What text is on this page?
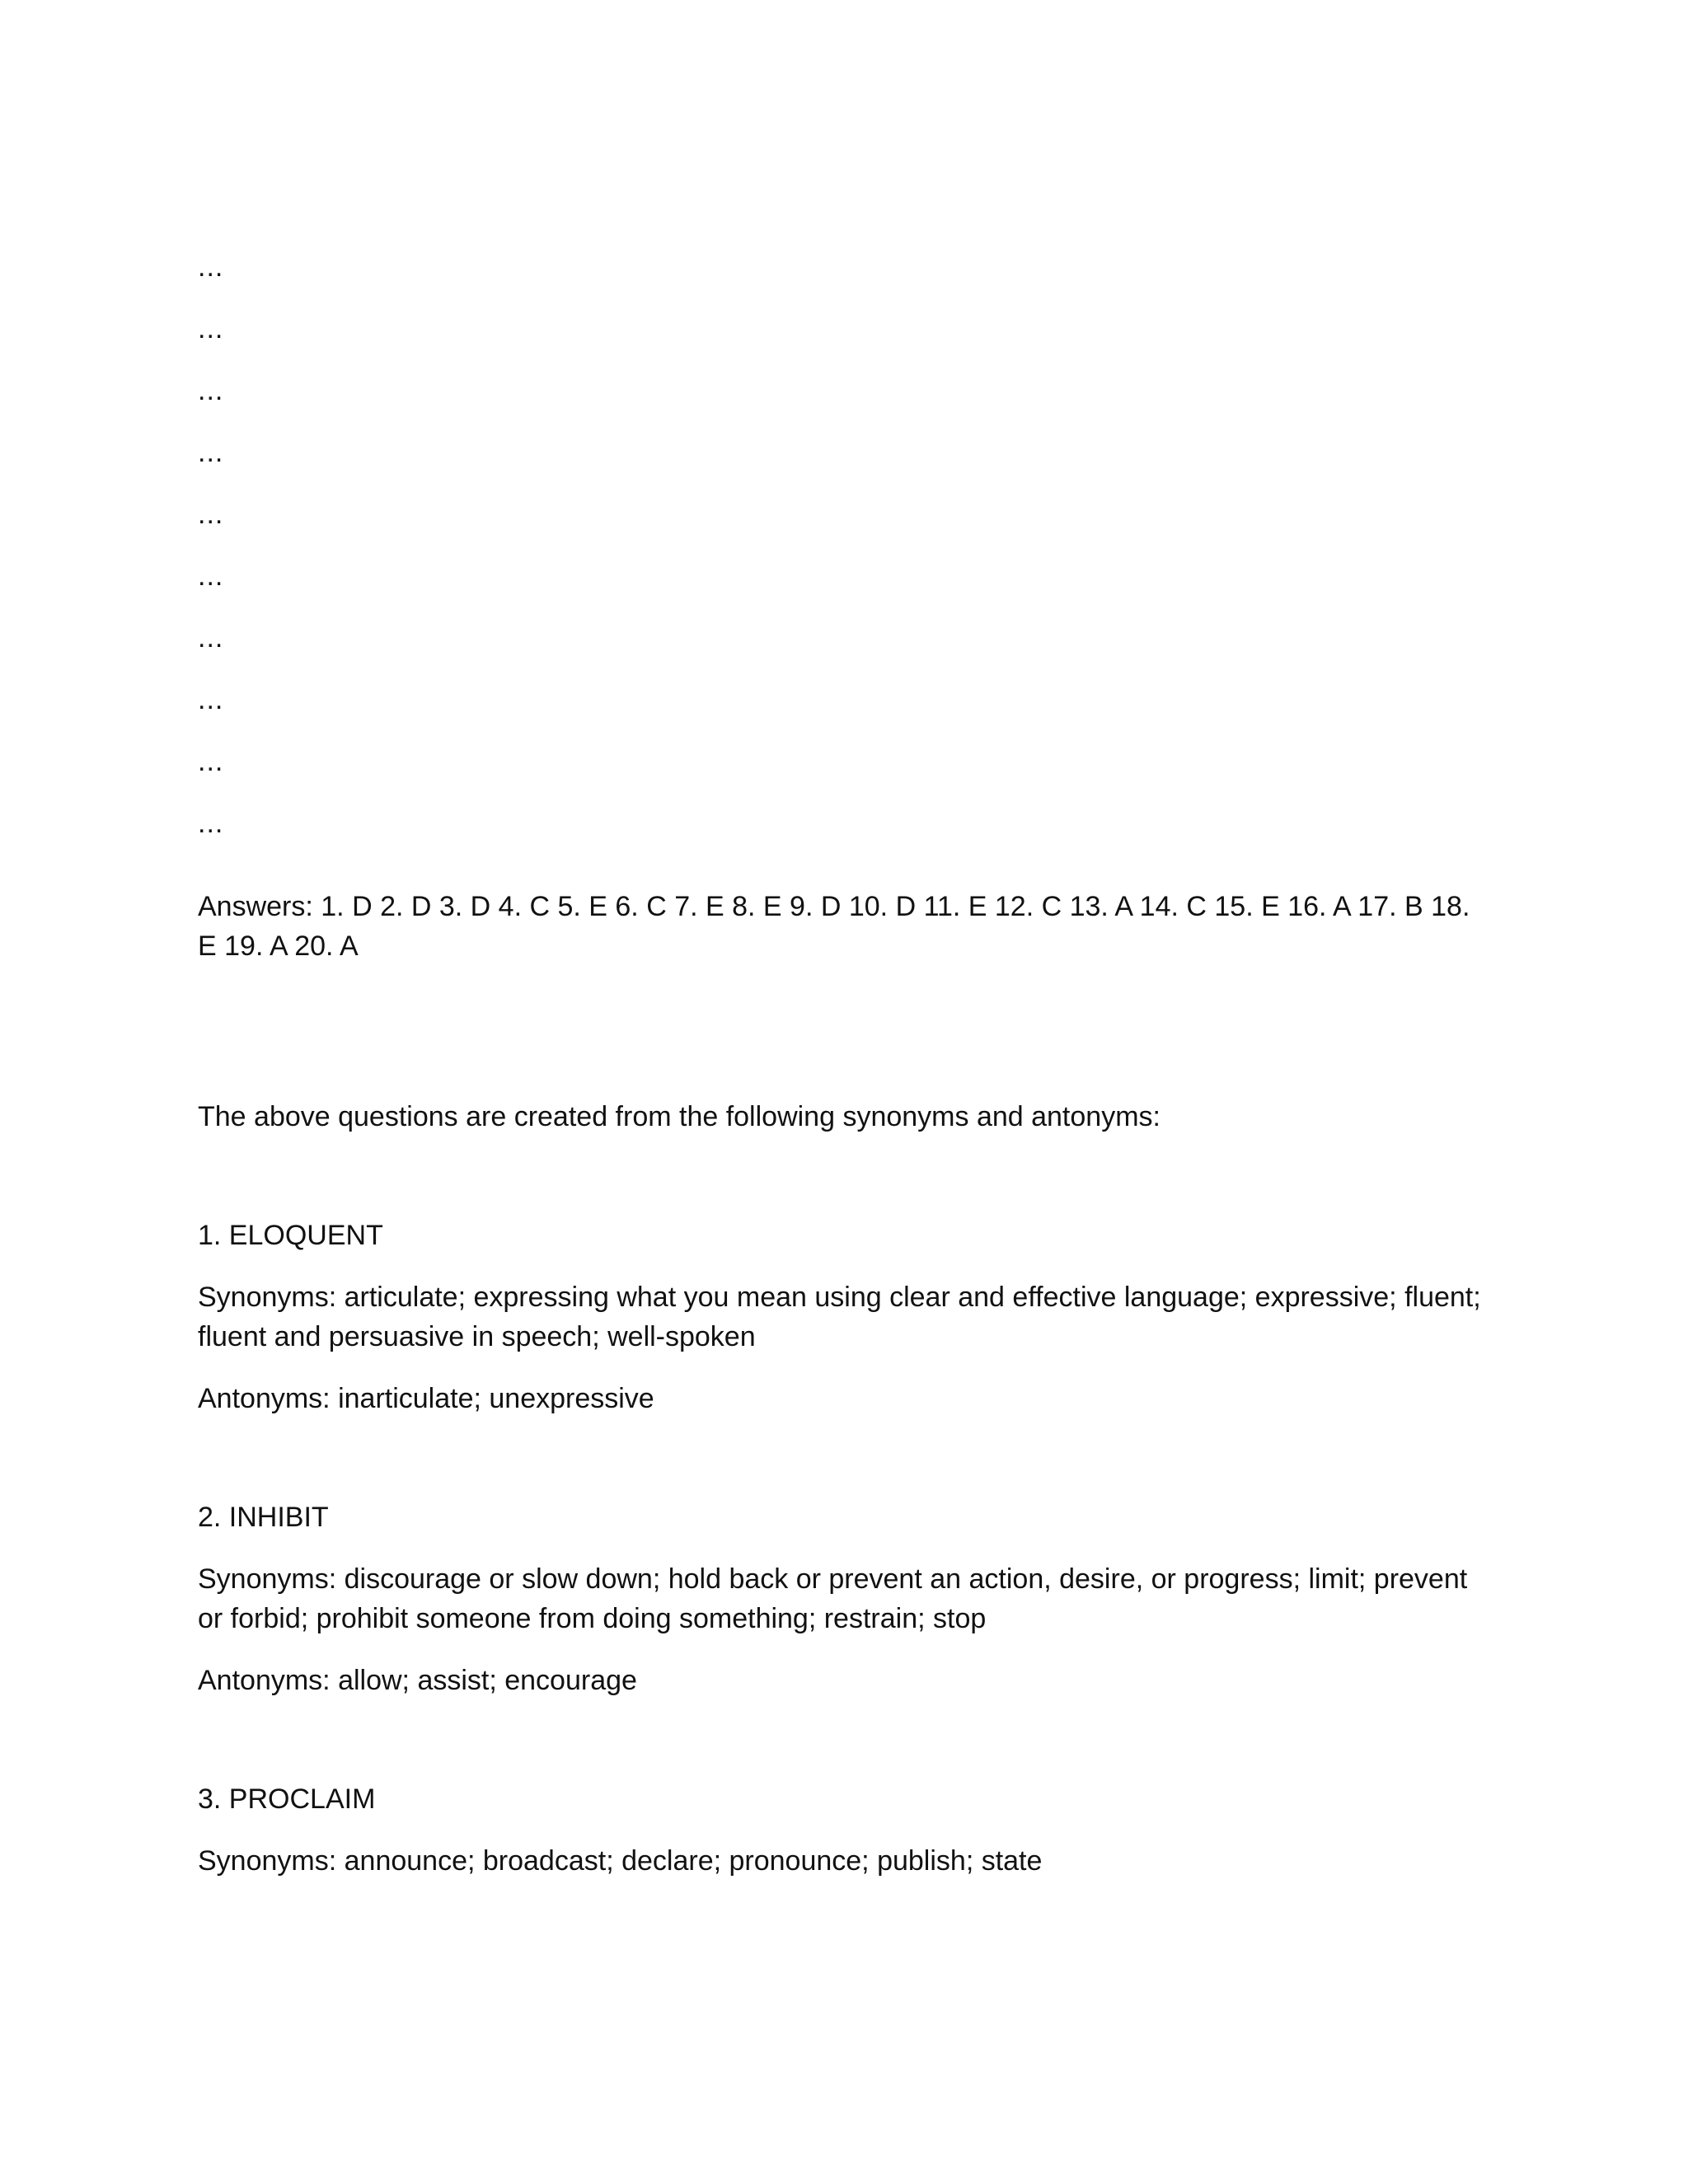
...
...
...
...
...
...
...
...
...
...
Answers: 1. D 2. D 3. D 4. C 5. E 6. C 7. E 8. E 9. D 10. D 11. E 12. C 13. A 14. C 15. E 16. A 17. B 18. E 19. A 20. A
The above questions are created from the following synonyms and antonyms:
1. ELOQUENT
Synonyms: articulate; expressing what you mean using clear and effective language; expressive; fluent; fluent and persuasive in speech; well-spoken
Antonyms: inarticulate; unexpressive
2. INHIBIT
Synonyms: discourage or slow down; hold back or prevent an action, desire, or progress; limit; prevent or forbid; prohibit someone from doing something; restrain; stop
Antonyms: allow; assist; encourage
3. PROCLAIM
Synonyms: announce; broadcast; declare; pronounce; publish; state
